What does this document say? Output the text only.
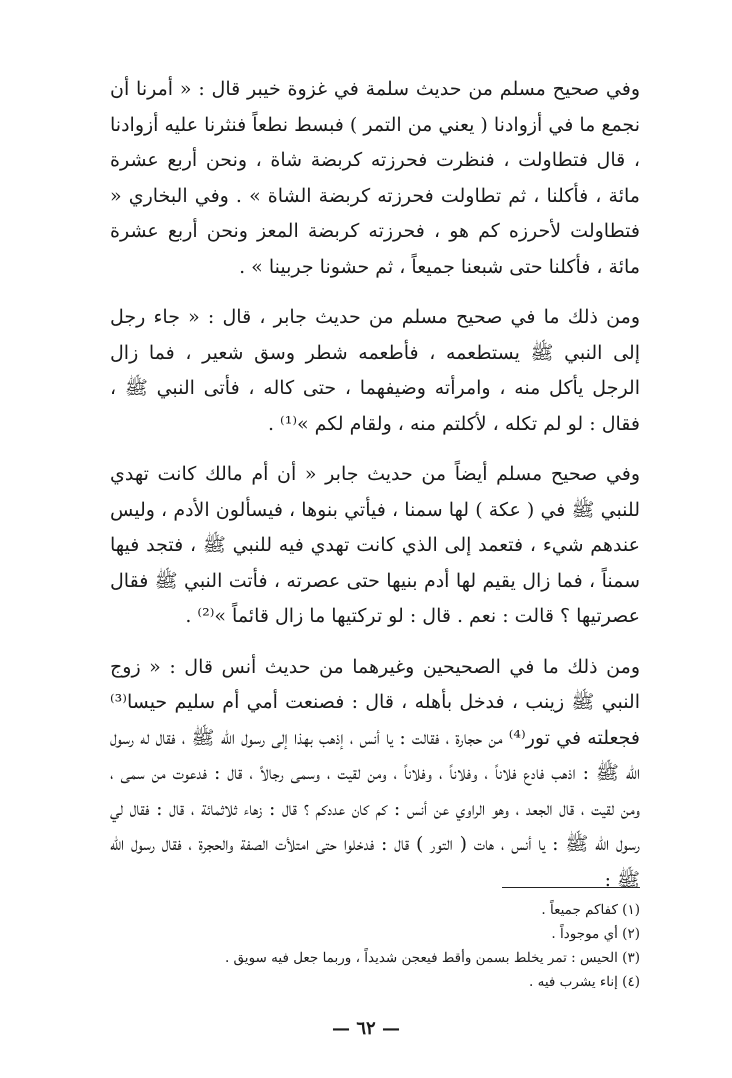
وفي صحيح مسلم من حديث سلمة في غزوة خيبر قال : « أمرنا أن نجمع ما في أزوادنا ( يعني من التمر ) فبسط نطعاً فنثرنا عليه أزوادنا ، قال فتطاولت ، فنظرت فحرزته كربضة شاة ، ونحن أربع عشرة مائة ، فأكلنا ، ثم تطاولت فحرزته كربضة الشاة » . وفي البخاري « فتطاولت لأحرزه كم هو ، فحرزته كربضة المعز ونحن أربع عشرة مائة ، فأكلنا حتى شبعنا جميعاً ، ثم حشونا جربينا » .

ومن ذلك ما في صحيح مسلم من حديث جابر ، قال : « جاء رجل إلى النبي ﷺ يستطعمه ، فأطعمه شطر وسق شعير ، فما زال الرجل يأكل منه ، وامرأته وضيفهما ، حتى كاله ، فأتى النبي ﷺ ، فقال : لو لم تكله ، لأكلتم منه ، ولقام لكم »⁽¹⁾ .

وفي صحيح مسلم أيضاً من حديث جابر « أن أم مالك كانت تهدي للنبي ﷺ في ( عكة ) لها سمنا ، فيأتي بنوها ، فيسألون الأدم ، وليس عندهم شيء ، فتعمد إلى الذي كانت تهدي فيه للنبي ﷺ ، فتجد فيها سمناً ، فما زال يقيم لها أدم بنيها حتى عصرته ، فأتت النبي ﷺ فقال عصرتيها ؟ قالت : نعم . قال : لو تركتيها ما زال قائماً »⁽²⁾ .

ومن ذلك ما في الصحيحين وغيرهما من حديث أنس قال : « زوج النبي ﷺ زينب ، فدخل بأهله ، قال : فصنعت أمي أم سليم حيسا⁽³⁾ فجعلته في تور⁽⁴⁾ من حجارة ، فقالت : يا أنس ، إذهب بهذا إلى رسول الله ﷺ ، فقال له رسول الله ﷺ : اذهب فادع فلاناً ، وفلاناً ، وفلاناً ، ومن لقيت ، وسمى رجالاً ، قال : فدعوت من سمى ، ومن لقيت ، قال الجعد ، وهو الراوي عن أنس : كم كان عددكم ؟ قال : زهاء ثلاثمائة ، قال : فقال لي رسول الله ﷺ : يا أنس ، هات ( التور ) قال : فدخلوا حتى امتلأت الصفة والحجرة ، فقال رسول الله ﷺ :

(١) كفاكم جميعاً .
(٢) أي موجوداً .
(٣) الحيس : تمر يخلط بسمن وأقط فيعجن شديداً ، وربما جعل فيه سويق .
(٤) إناء يشرب فيه .
— ٦٢ —
